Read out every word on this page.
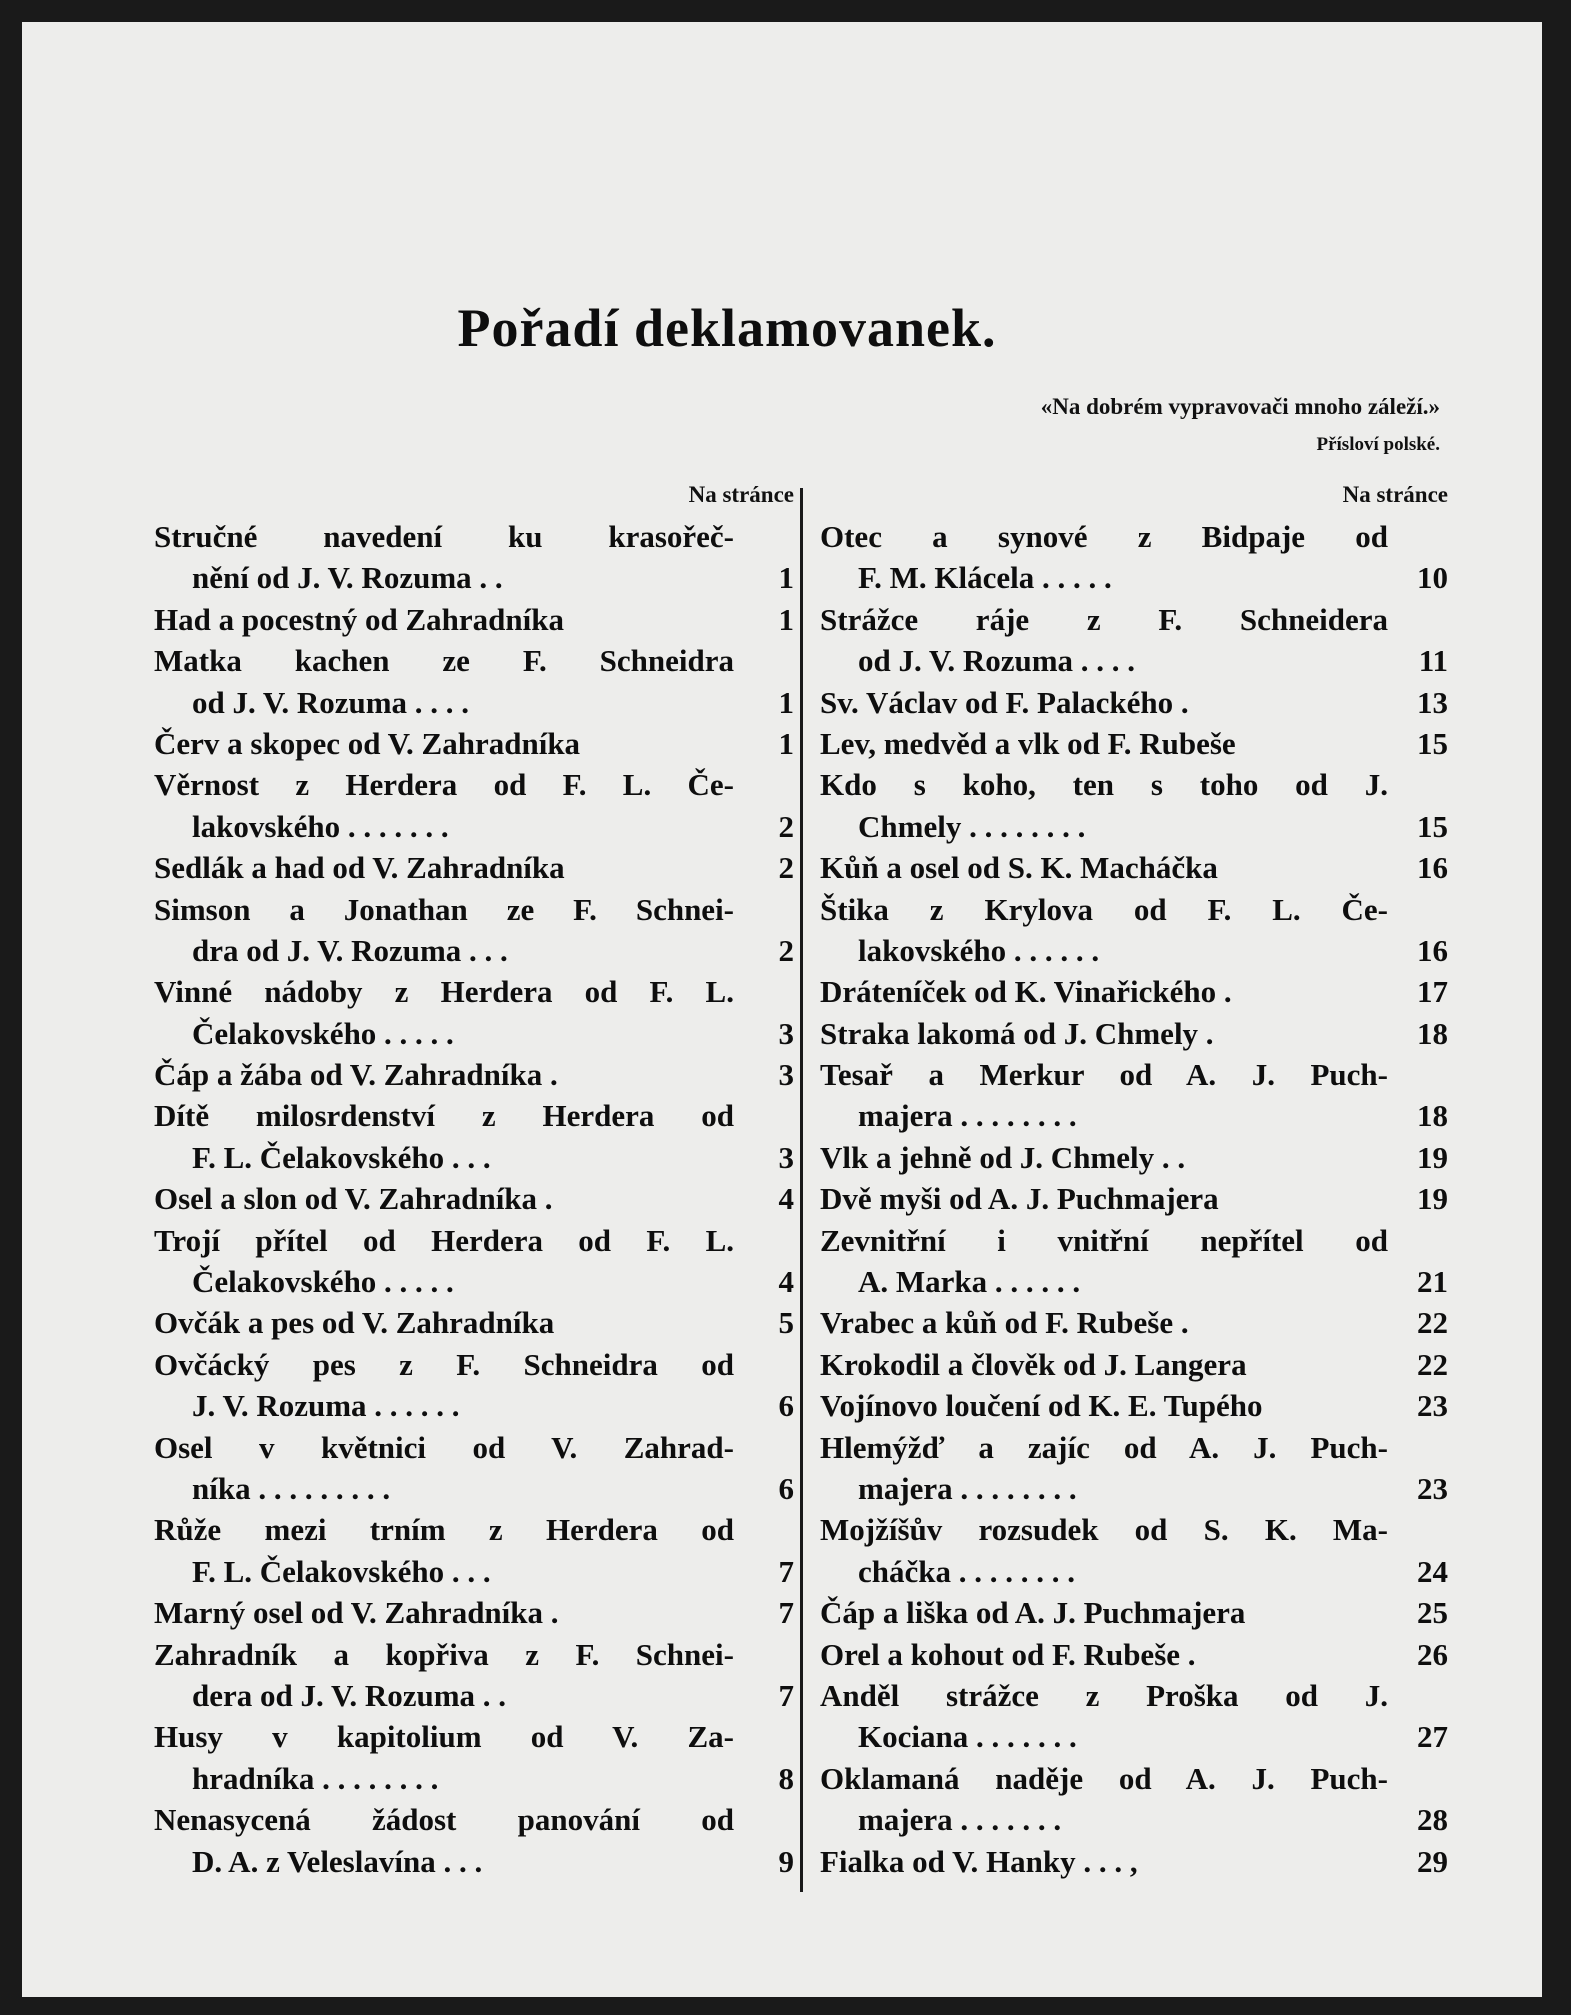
Pořadí deklamovanek.
«Na dobrém vypravovači mnoho záleží.»
Přísloví polské.
Na stránce
Stručné navedení ku krasořeč-
nění od J. V. Rozuma . .	1
Had a pocestný od Zahradníka	1
Matka kachen ze F. Schneidra
od J. V. Rozuma . . . .	1
Červ a skopec od V. Zahradníka	1
Věrnost z Herdera od F. L. Če-
lakovského . . . . . . .	2
Sedlák a had od V. Zahradníka	2
Simson a Jonathan ze F. Schnei-
dra od J. V. Rozuma . . .	2
Vinné nádoby z Herdera od F. L.
Čelakovského . . . . .	3
Čáp a žába od V. Zahradníka .	3
Dítě milosrdenství z Herdera od
F. L. Čelakovského . . .	3
Osel a slon od V. Zahradníka .	4
Trojí přítel od Herdera od F. L.
Čelakovského . . . . .	4
Ovčák a pes od V. Zahradníka	5
Ovčácký pes z F. Schneidra od
J. V. Rozuma . . . . . .	6
Osel v květnici od V. Zahrad-
níka . . . . . . . . .	6
Růže mezi trním z Herdera od
F. L. Čelakovského . . .	7
Marný osel od V. Zahradníka .	7
Zahradník a kopřiva z F. Schnei-
dera od J. V. Rozuma . .	7
Husy v kapitolium od V. Za-
hradníka . . . . . . . .	8
Nenasycená žádost panování od
D. A. z Veleslavína . . .	9
Na stránce
Otec a synové z Bidpaje od
F. M. Klácela . . . . .	10
Strážce ráje z F. Schneidera
od J. V. Rozuma . . . .	11
Sv. Václav od F. Palackého .	13
Lev, medvěd a vlk od F. Rubeše	15
Kdo s koho, ten s toho od J.
Chmely . . . . . . . .	15
Kůň a osel od S. K. Macháčka	16
Štika z Krylova od F. L. Če-
lakovského . . . . . .	16
Dráteníček od K. Vinařického .	17
Straka lakomá od J. Chmely .	18
Tesař a Merkur od A. J. Puch-
majera . . . . . . . .	18
Vlk a jehně od J. Chmely . .	19
Dvě myši od A. J. Puchmajera	19
Zevnitřní i vnitřní nepřítel od
A. Marka . . . . . .	21
Vrabec a kůň od F. Rubeše .	22
Krokodil a člověk od J. Langera	22
Vojínovo loučení od K. E. Tupého	23
Hlemýžď a zajíc od A. J. Puch-
majera . . . . . . . .	23
Mojžíšův rozsudek od S. K. Ma-
cháčka . . . . . . . .	24
Čáp a liška od A. J. Puchmajera	25
Orel a kohout od F. Rubeše .	26
Anděl strážce z Proška od J.
Kociana . . . . . . .	27
Oklamaná naděje od A. J. Puch-
majera . . . . . . .	28
Fialka od V. Hanky . . . ,	29
